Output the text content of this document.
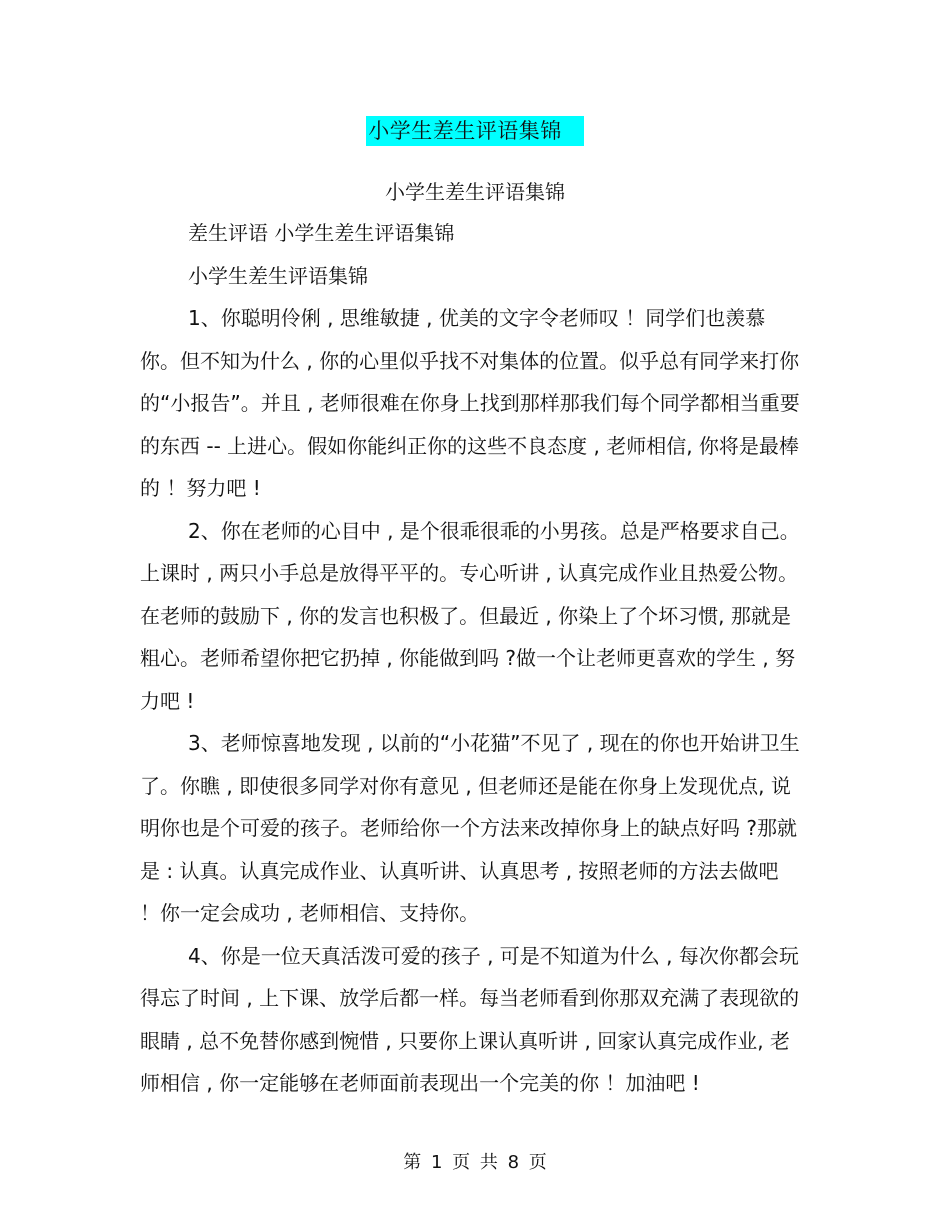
小学生差生评语集锦
小学生差生评语集锦

差生评语 小学生差生评语集锦

小学生差生评语集锦

1、你聪明伶俐 , 思维敏捷 , 优美的文字令老师叹 ！同学们也羡慕你。但不知为什么 , 你的心里似乎找不对集体的位置。似乎总有同学来打你的“小报告”。并且 , 老师很难在你身上找到那样那我们每个同学都相当重要的东西 -- 上进心。假如你能纠正你的这些不良态度 , 老师相信, 你将是最棒的 ！努力吧 !

2、你在老师的心目中 , 是个很乖很乖的小男孩。总是严格要求自己。上课时 , 两只小手总是放得平平的。专心听讲 , 认真完成作业且热爱公物。在老师的鼓励下 , 你的发言也积极了。但最近 , 你染上了个坏习惯, 那就是粗心。老师希望你把它扔掉 , 你能做到吗 ?做一个让老师更喜欢的学生 , 努力吧 !

3、老师惊喜地发现 , 以前的“小花猫”不见了 , 现在的你也开始讲卫生了。你瞧 , 即使很多同学对你有意见 , 但老师还是能在你身上发现优点, 说明你也是个可爱的孩子。老师给你一个方法来改掉你身上的缺点好吗 ?那就是 : 认真。认真完成作业、认真听讲、认真思考 , 按照老师的方法去做吧 ！你一定会成功 , 老师相信、支持你。

4、你是一位天真活泼可爱的孩子 , 可是不知道为什么 , 每次你都会玩得忘了时间 , 上下课、放学后都一样。每当老师看到你那双充满了表现欲的眼睛 , 总不免替你感到惋惜 , 只要你上课认真听讲 , 回家认真完成作业, 老师相信 , 你一定能够在老师面前表现出一个完美的你 ！加油吧 !

第 1 页 共 8 页
